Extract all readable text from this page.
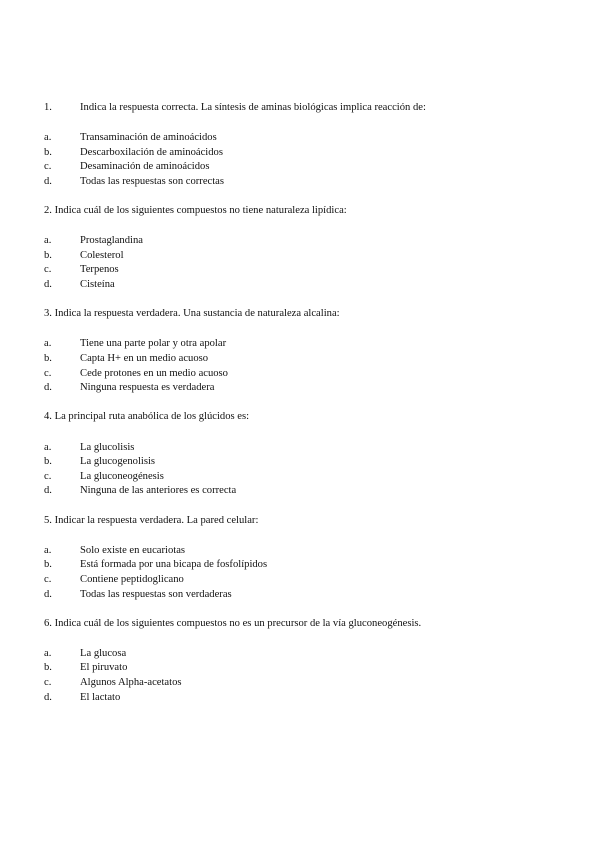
1.	Indica la respuesta correcta. La síntesis de aminas biológicas implica reacción de:
a.	Transaminación de aminoácidos
b.	Descarboxilación de aminoácidos
c.	Desaminación de aminoácidos
d.	Todas las respuestas son correctas
2. Indica cuál de los siguientes compuestos no tiene naturaleza lipídica:
a.	Prostaglandina
b.	Colesterol
c.	Terpenos
d.	Cisteína
3. Indica la respuesta verdadera. Una sustancia de naturaleza alcalina:
a.	Tiene una parte polar y otra apolar
b.	Capta H+ en un medio acuoso
c.	Cede protones en un medio acuoso
d.	Ninguna respuesta es verdadera
4. La principal ruta anabólica de los glúcidos es:
a.	La glucolisis
b.	La glucogenolisis
c.	La gluconeogénesis
d.	Ninguna de las anteriores es correcta
5. Indicar la respuesta verdadera. La pared celular:
a.	Solo existe en eucariotas
b.	Está formada por una bicapa de fosfolípidos
c.	Contiene peptidoglicano
d.	Todas las respuestas son verdaderas
6. Indica cuál de los siguientes compuestos no es un precursor de la vía gluconeogénesis.
a.	La glucosa
b.	El piruvato
c.	Algunos Alpha-acetatos
d.	El lactato
